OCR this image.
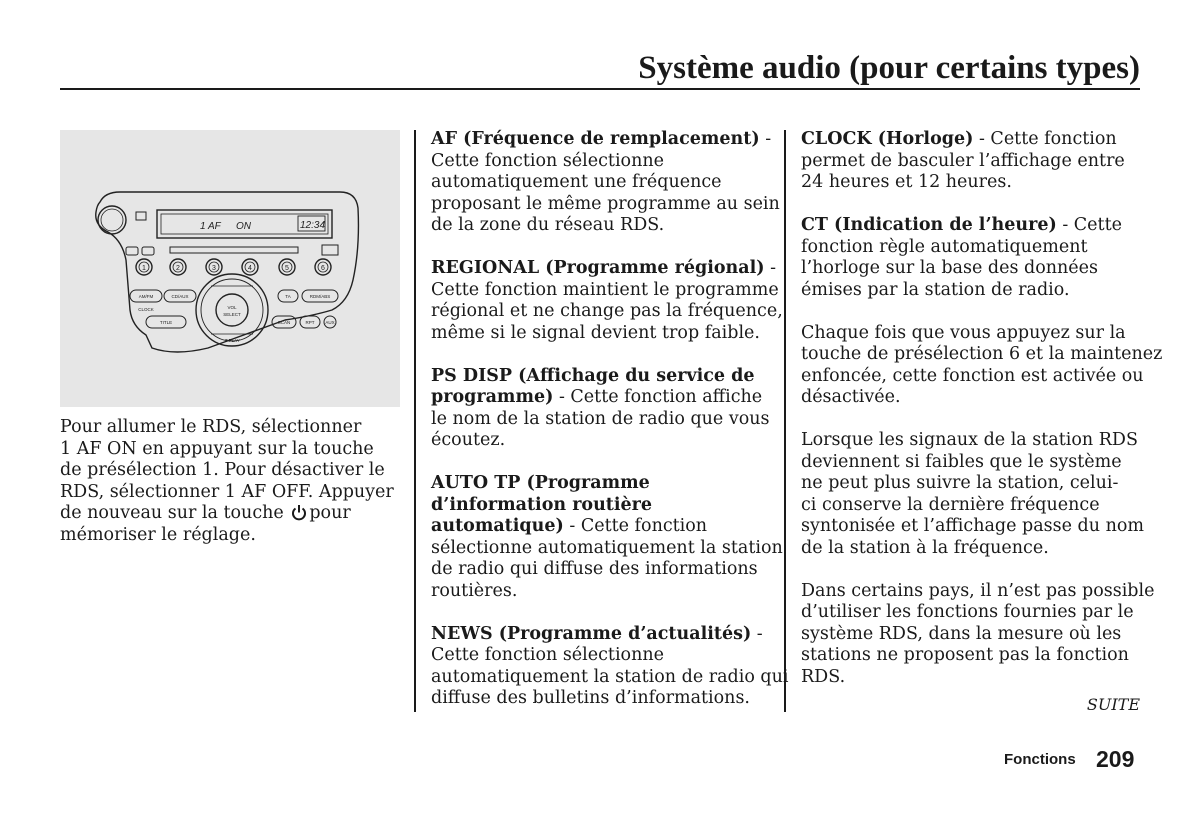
Système audio (pour certains types)
1 AF ON	12:34
1	2	3	4	5	6
AM/FM	CD/AUX
CLOCK
TITLE
TA	RDM/ABS
SCAN	RPT AUX
▼PLAY
VOL
SELECT
Pour allumer le RDS, sélectionner
1 AF ON en appuyant sur la touche
de présélection 1. Pour désactiver le
RDS, sélectionner 1 AF OFF. Appuyer
de nouveau sur la touche pour
mémoriser le réglage.
AF (Fréquence de remplacement) -
Cette fonction sélectionne
automatiquement une fréquence
proposant le même programme au sein
de la zone du réseau RDS.
REGIONAL (Programme régional) -
Cette fonction maintient le programme
régional et ne change pas la fréquence,
même si le signal devient trop faible.
PS DISP (Affichage du service de
programme) - Cette fonction affiche
le nom de la station de radio que vous
écoutez.
AUTO TP (Programme
d’information routière
automatique) - Cette fonction
sélectionne automatiquement la station
de radio qui diffuse des informations
routières.
NEWS (Programme d’actualités) -
Cette fonction sélectionne
automatiquement la station de radio qui
diffuse des bulletins d’informations.
CLOCK (Horloge) - Cette fonction
permet de basculer l’affichage entre
24 heures et 12 heures.
CT (Indication de l’heure) - Cette
fonction règle automatiquement
l’horloge sur la base des données
émises par la station de radio.
Chaque fois que vous appuyez sur la
touche de présélection 6 et la maintenez
enfoncée, cette fonction est activée ou
désactivée.
Lorsque les signaux de la station RDS
deviennent si faibles que le système
ne peut plus suivre la station, celui-
ci conserve la dernière fréquence
syntonisée et l’affichage passe du nom
de la station à la fréquence.
Dans certains pays, il n’est pas possible
d’utiliser les fonctions fournies par le
système RDS, dans la mesure où les
stations ne proposent pas la fonction
RDS.
SUITE
Fonctions 209
